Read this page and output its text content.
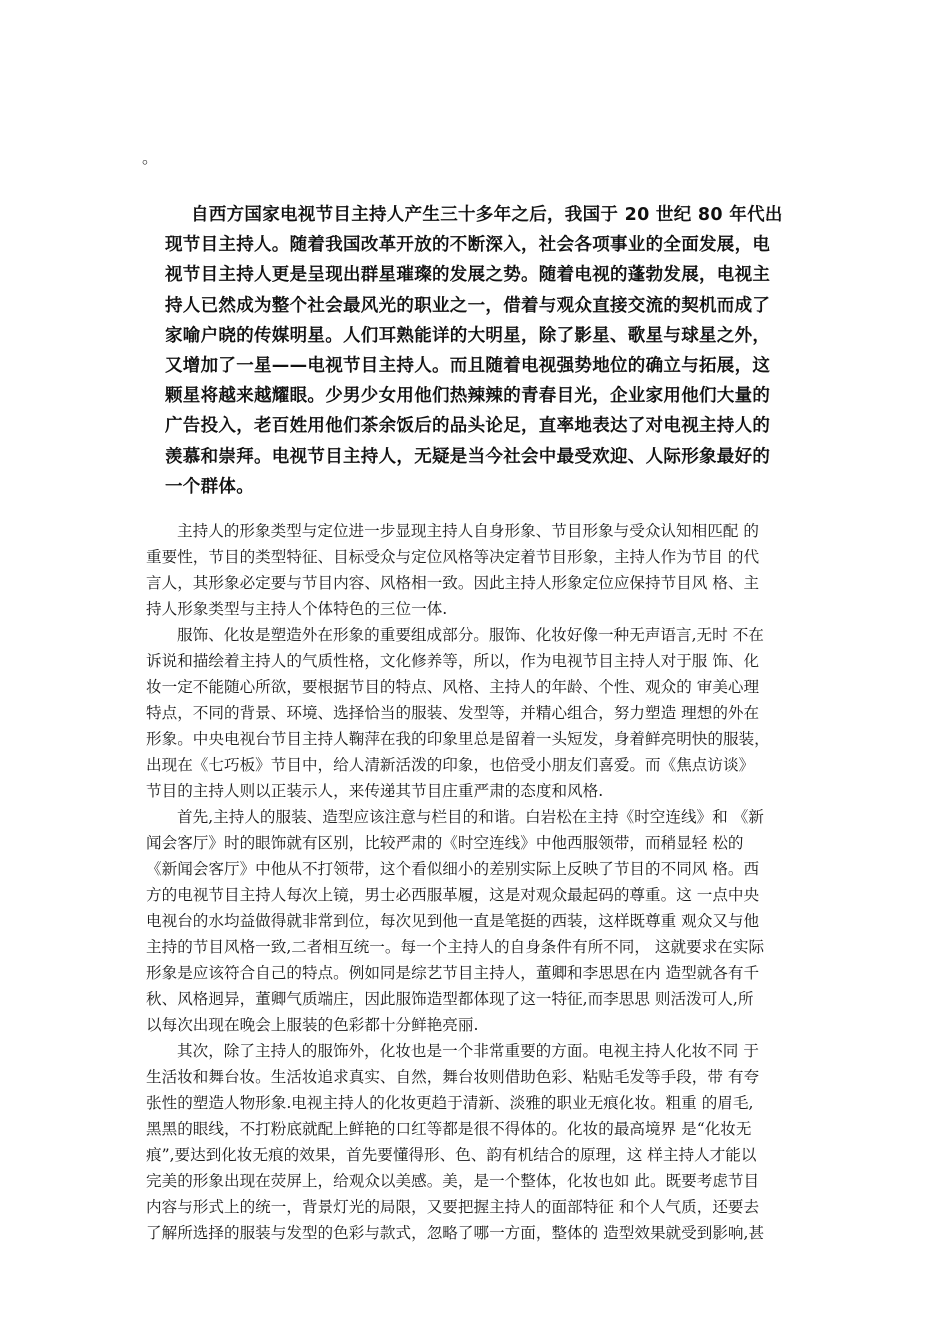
。
自西方国家电视节目主持人产生三十多年之后，我国于 20 世纪 80 年代出
现节目主持人。随着我国改革开放的不断深入，社会各项事业的全面发展，电
视节目主持人更是呈现出群星璀璨的发展之势。随着电视的蓬勃发展，电视主
持人已然成为整个社会最风光的职业之一，借着与观众直接交流的契机而成了
家喻户晓的传媒明星。人们耳熟能详的大明星，除了影星、歌星与球星之外，
又增加了一星——电视节目主持人。而且随着电视强势地位的确立与拓展，这
颗星将越来越耀眼。少男少女用他们热辣辣的青春目光，企业家用他们大量的
广告投入，老百姓用他们茶余饭后的品头论足，直率地表达了对电视主持人的
羡慕和崇拜。电视节目主持人，无疑是当今社会中最受欢迎、人际形象最好的
一个群体。

主持人的形象类型与定位进一步显现主持人自身形象、节目形象与受众认知相匹配 的
重要性，节目的类型特征、目标受众与定位风格等决定着节目形象，主持人作为节目 的代
言人，其形象必定要与节目内容、风格相一致。因此主持人形象定位应保持节目风 格、主
持人形象类型与主持人个体特色的三位一体.

服饰、化妆是塑造外在形象的重要组成部分。服饰、化妆好像一种无声语言,无时 不在
诉说和描绘着主持人的气质性格，文化修养等，所以，作为电视节目主持人对于服 饰、化
妆一定不能随心所欲，要根据节目的特点、风格、主持人的年龄、个性、观众的 审美心理
特点，不同的背景、环境、选择恰当的服装、发型等，并精心组合，努力塑造 理想的外在
形象。中央电视台节目主持人鞠萍在我的印象里总是留着一头短发，身着鲜亮明快的服装，
出现在《七巧板》节目中，给人清新活泼的印象，也倍受小朋友们喜爱。而《焦点访谈》
节目的主持人则以正装示人，来传递其节目庄重严肃的态度和风格.

首先,主持人的服装、造型应该注意与栏目的和谐。白岩松在主持《时空连线》和 《新
闻会客厅》时的眼饰就有区别，比较严肃的《时空连线》中他西服领带，而稍显轻 松的
《新闻会客厅》中他从不打领带，这个看似细小的差别实际上反映了节目的不同风 格。西
方的电视节目主持人每次上镜，男士必西服革履，这是对观众最起码的尊重。这 一点中央
电视台的水均益做得就非常到位，每次见到他一直是笔挺的西装，这样既尊重 观众又与他
主持的节目风格一致,二者相互统一。每一个主持人的自身条件有所不同， 这就要求在实际
形象是应该符合自己的特点。例如同是综艺节目主持人，董卿和李思思在内 造型就各有千
秋、风格迥异，董卿气质端庄，因此服饰造型都体现了这一特征,而李思思 则活泼可人,所
以每次出现在晚会上服装的色彩都十分鲜艳亮丽.

其次，除了主持人的服饰外，化妆也是一个非常重要的方面。电视主持人化妆不同 于
生活妆和舞台妆。生活妆追求真实、自然，舞台妆则借助色彩、粘贴毛发等手段，带 有夸
张性的塑造人物形象.电视主持人的化妆更趋于清新、淡雅的职业无痕化妆。粗重 的眉毛,
黑黑的眼线，不打粉底就配上鲜艳的口红等都是很不得体的。化妆的最高境界 是“化妆无
痕”,要达到化妆无痕的效果，首先要懂得形、色、韵有机结合的原理，这 样主持人才能以
完美的形象出现在荧屏上，给观众以美感。美，是一个整体，化妆也如 此。既要考虑节目
内容与形式上的统一，背景灯光的局限，又要把握主持人的面部特征 和个人气质，还要去
了解所选择的服装与发型的色彩与款式，忽略了哪一方面，整体的 造型效果就受到影响,甚
